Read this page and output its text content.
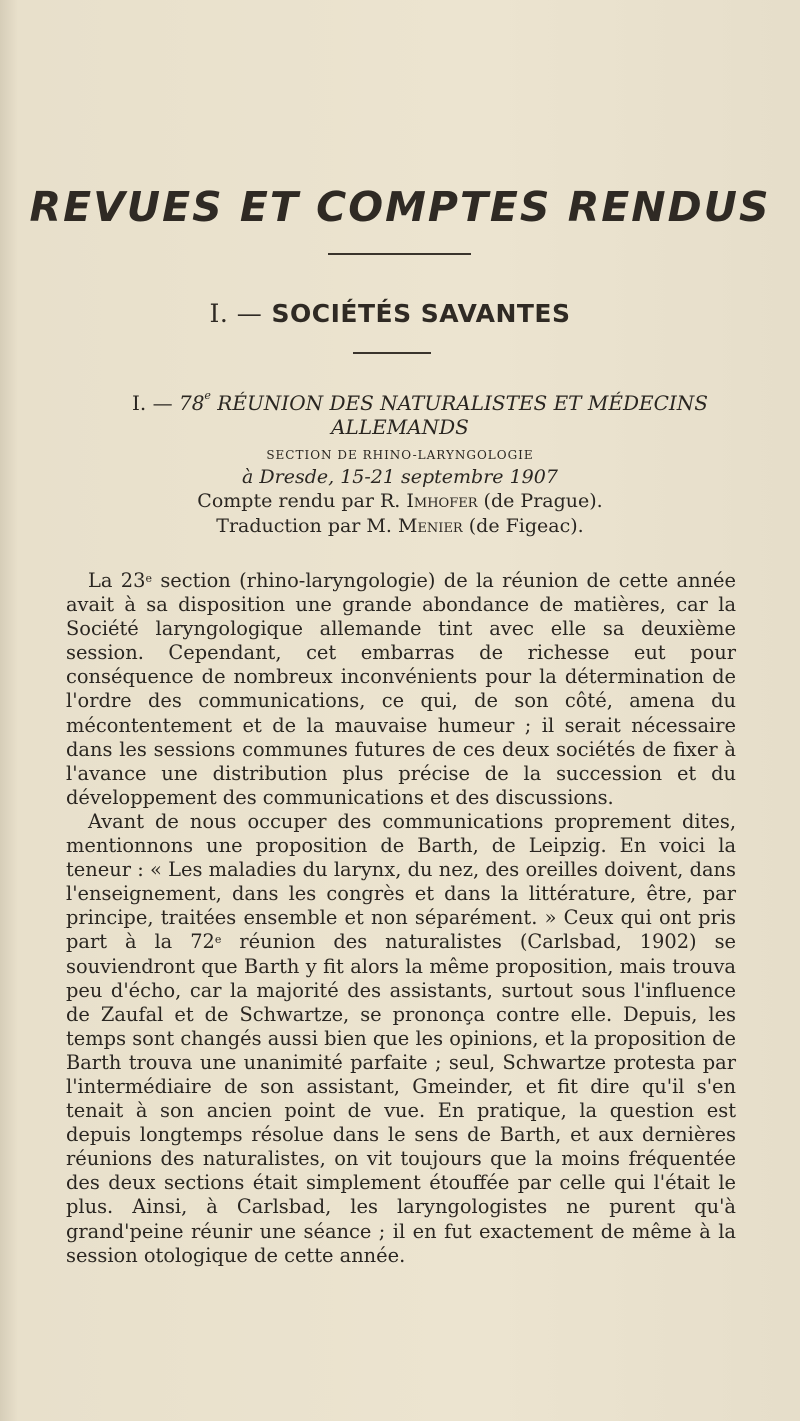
REVUES ET COMPTES RENDUS
I. — SOCIÉTÉS SAVANTES
I. — 78e RÉUNION DES NATURALISTES ET MÉDECINS
ALLEMANDS
SECTION DE RHINO-LARYNGOLOGIE
à Dresde, 15-21 septembre 1907
Compte rendu par R. Imhofer (de Prague).
Traduction par M. Menier (de Figeac).

La 23e section (rhino-laryngologie) de la réunion de cette année avait à sa disposition une grande abondance de matières, car la Société laryngologique allemande tint avec elle sa deuxième session. Cependant, cet embarras de richesse eut pour conséquence de nombreux inconvénients pour la détermination de l'ordre des communications, ce qui, de son côté, amena du mécontentement et de la mauvaise humeur ; il serait nécessaire dans les sessions communes futures de ces deux sociétés de fixer à l'avance une distribution plus précise de la succession et du développement des communications et des discussions.

Avant de nous occuper des communications proprement dites, mentionnons une proposition de Barth, de Leipzig. En voici la teneur : « Les maladies du larynx, du nez, des oreilles doivent, dans l'enseignement, dans les congrès et dans la littérature, être, par principe, traitées ensemble et non séparément. » Ceux qui ont pris part à la 72e réunion des naturalistes (Carlsbad, 1902) se souviendront que Barth y fit alors la même proposition, mais trouva peu d'écho, car la majorité des assistants, surtout sous l'influence de Zaufal et de Schwartze, se prononça contre elle. Depuis, les temps sont changés aussi bien que les opinions, et la proposition de Barth trouva une unanimité parfaite ; seul, Schwartze protesta par l'intermédiaire de son assistant, Gmeinder, et fit dire qu'il s'en tenait à son ancien point de vue. En pratique, la question est depuis longtemps résolue dans le sens de Barth, et aux dernières réunions des naturalistes, on vit toujours que la moins fréquentée des deux sections était simplement étouffée par celle qui l'était le plus. Ainsi, à Carlsbad, les laryngologistes ne purent qu'à grand'peine réunir une séance ; il en fut exactement de même à la session otologique de cette année.
